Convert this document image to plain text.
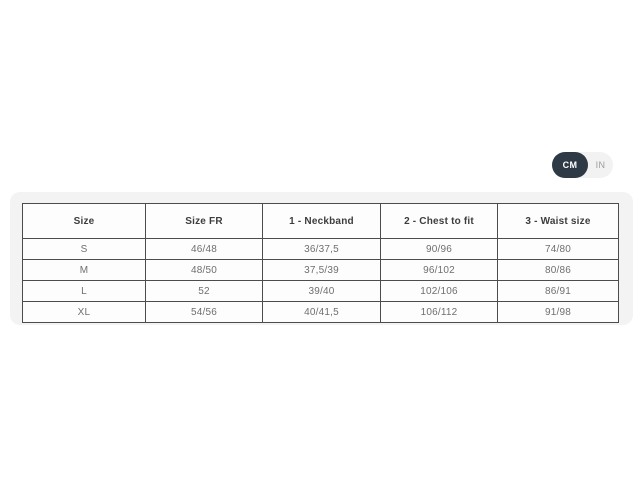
CM	IN
Size	Size FR	1 - Neckband	2 - Chest to fit	3 - Waist size
S	46/48	36/37,5	90/96	74/80
M	48/50	37,5/39	96/102	80/86
L	52	39/40	102/106	86/91
XL	54/56	40/41,5	106/112	91/98
